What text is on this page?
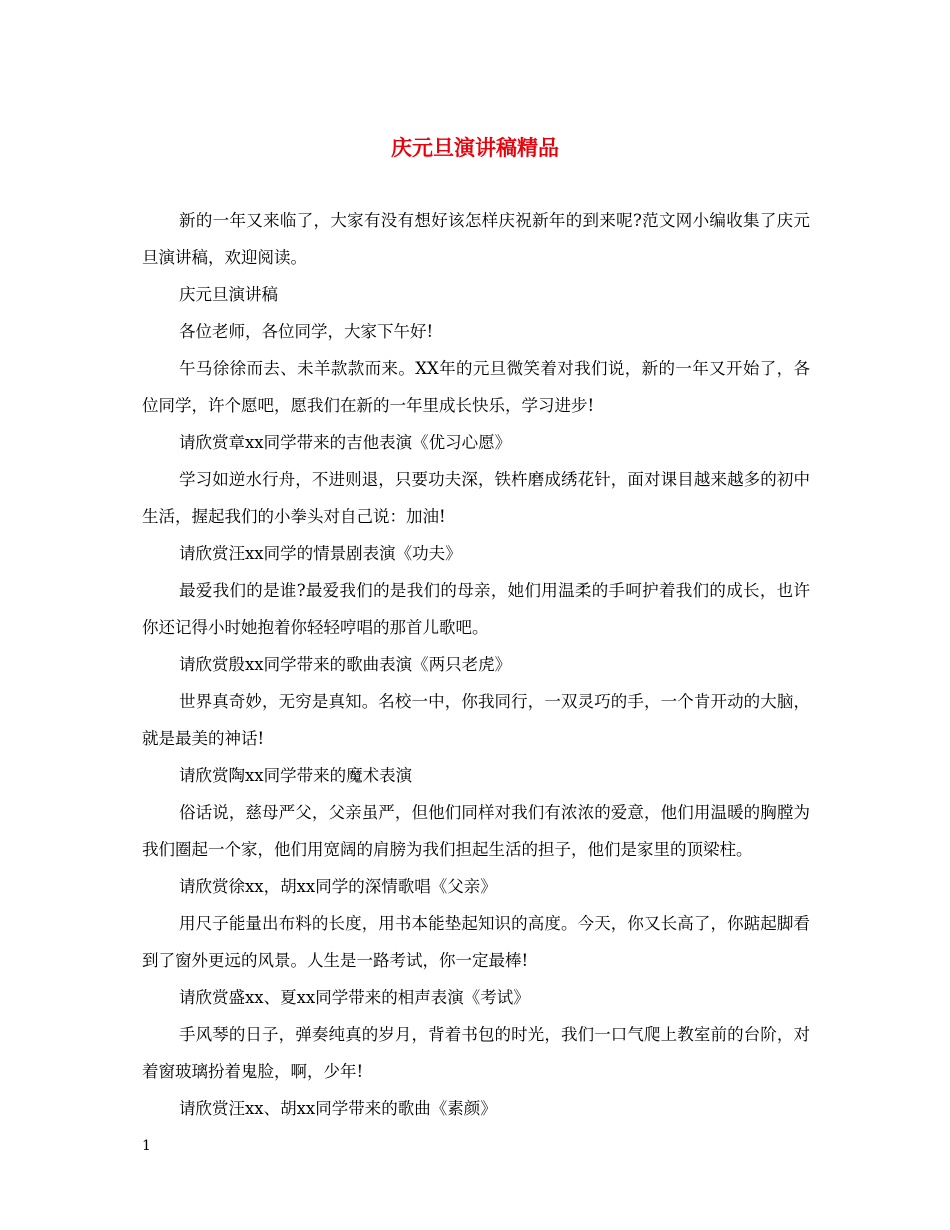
庆元旦演讲稿精品

新的一年又来临了，大家有没有想好该怎样庆祝新年的到来呢?范文网小编收集了庆元旦演讲稿，欢迎阅读。

庆元旦演讲稿

各位老师，各位同学，大家下午好!

午马徐徐而去、未羊款款而来。XX年的元旦微笑着对我们说，新的一年又开始了，各位同学，许个愿吧，愿我们在新的一年里成长快乐，学习进步!

请欣赏章xx同学带来的吉他表演《优习心愿》

学习如逆水行舟，不进则退，只要功夫深，铁杵磨成绣花针，面对课目越来越多的初中生活，握起我们的小拳头对自己说：加油!

请欣赏汪xx同学的情景剧表演《功夫》

最爱我们的是谁?最爱我们的是我们的母亲，她们用温柔的手呵护着我们的成长，也许你还记得小时她抱着你轻轻哼唱的那首儿歌吧。

请欣赏殷xx同学带来的歌曲表演《两只老虎》

世界真奇妙，无穷是真知。名校一中，你我同行，一双灵巧的手，一个肯开动的大脑，就是最美的神话!

请欣赏陶xx同学带来的魔术表演

俗话说，慈母严父，父亲虽严，但他们同样对我们有浓浓的爱意，他们用温暖的胸膛为我们圈起一个家，他们用宽阔的肩膀为我们担起生活的担子，他们是家里的顶梁柱。

请欣赏徐xx，胡xx同学的深情歌唱《父亲》

用尺子能量出布料的长度，用书本能垫起知识的高度。今天，你又长高了，你踮起脚看到了窗外更远的风景。人生是一路考试，你一定最棒!

请欣赏盛xx、夏xx同学带来的相声表演《考试》

手风琴的日子，弹奏纯真的岁月，背着书包的时光，我们一口气爬上教室前的台阶，对着窗玻璃扮着鬼脸，啊，少年!

请欣赏汪xx、胡xx同学带来的歌曲《素颜》

1
